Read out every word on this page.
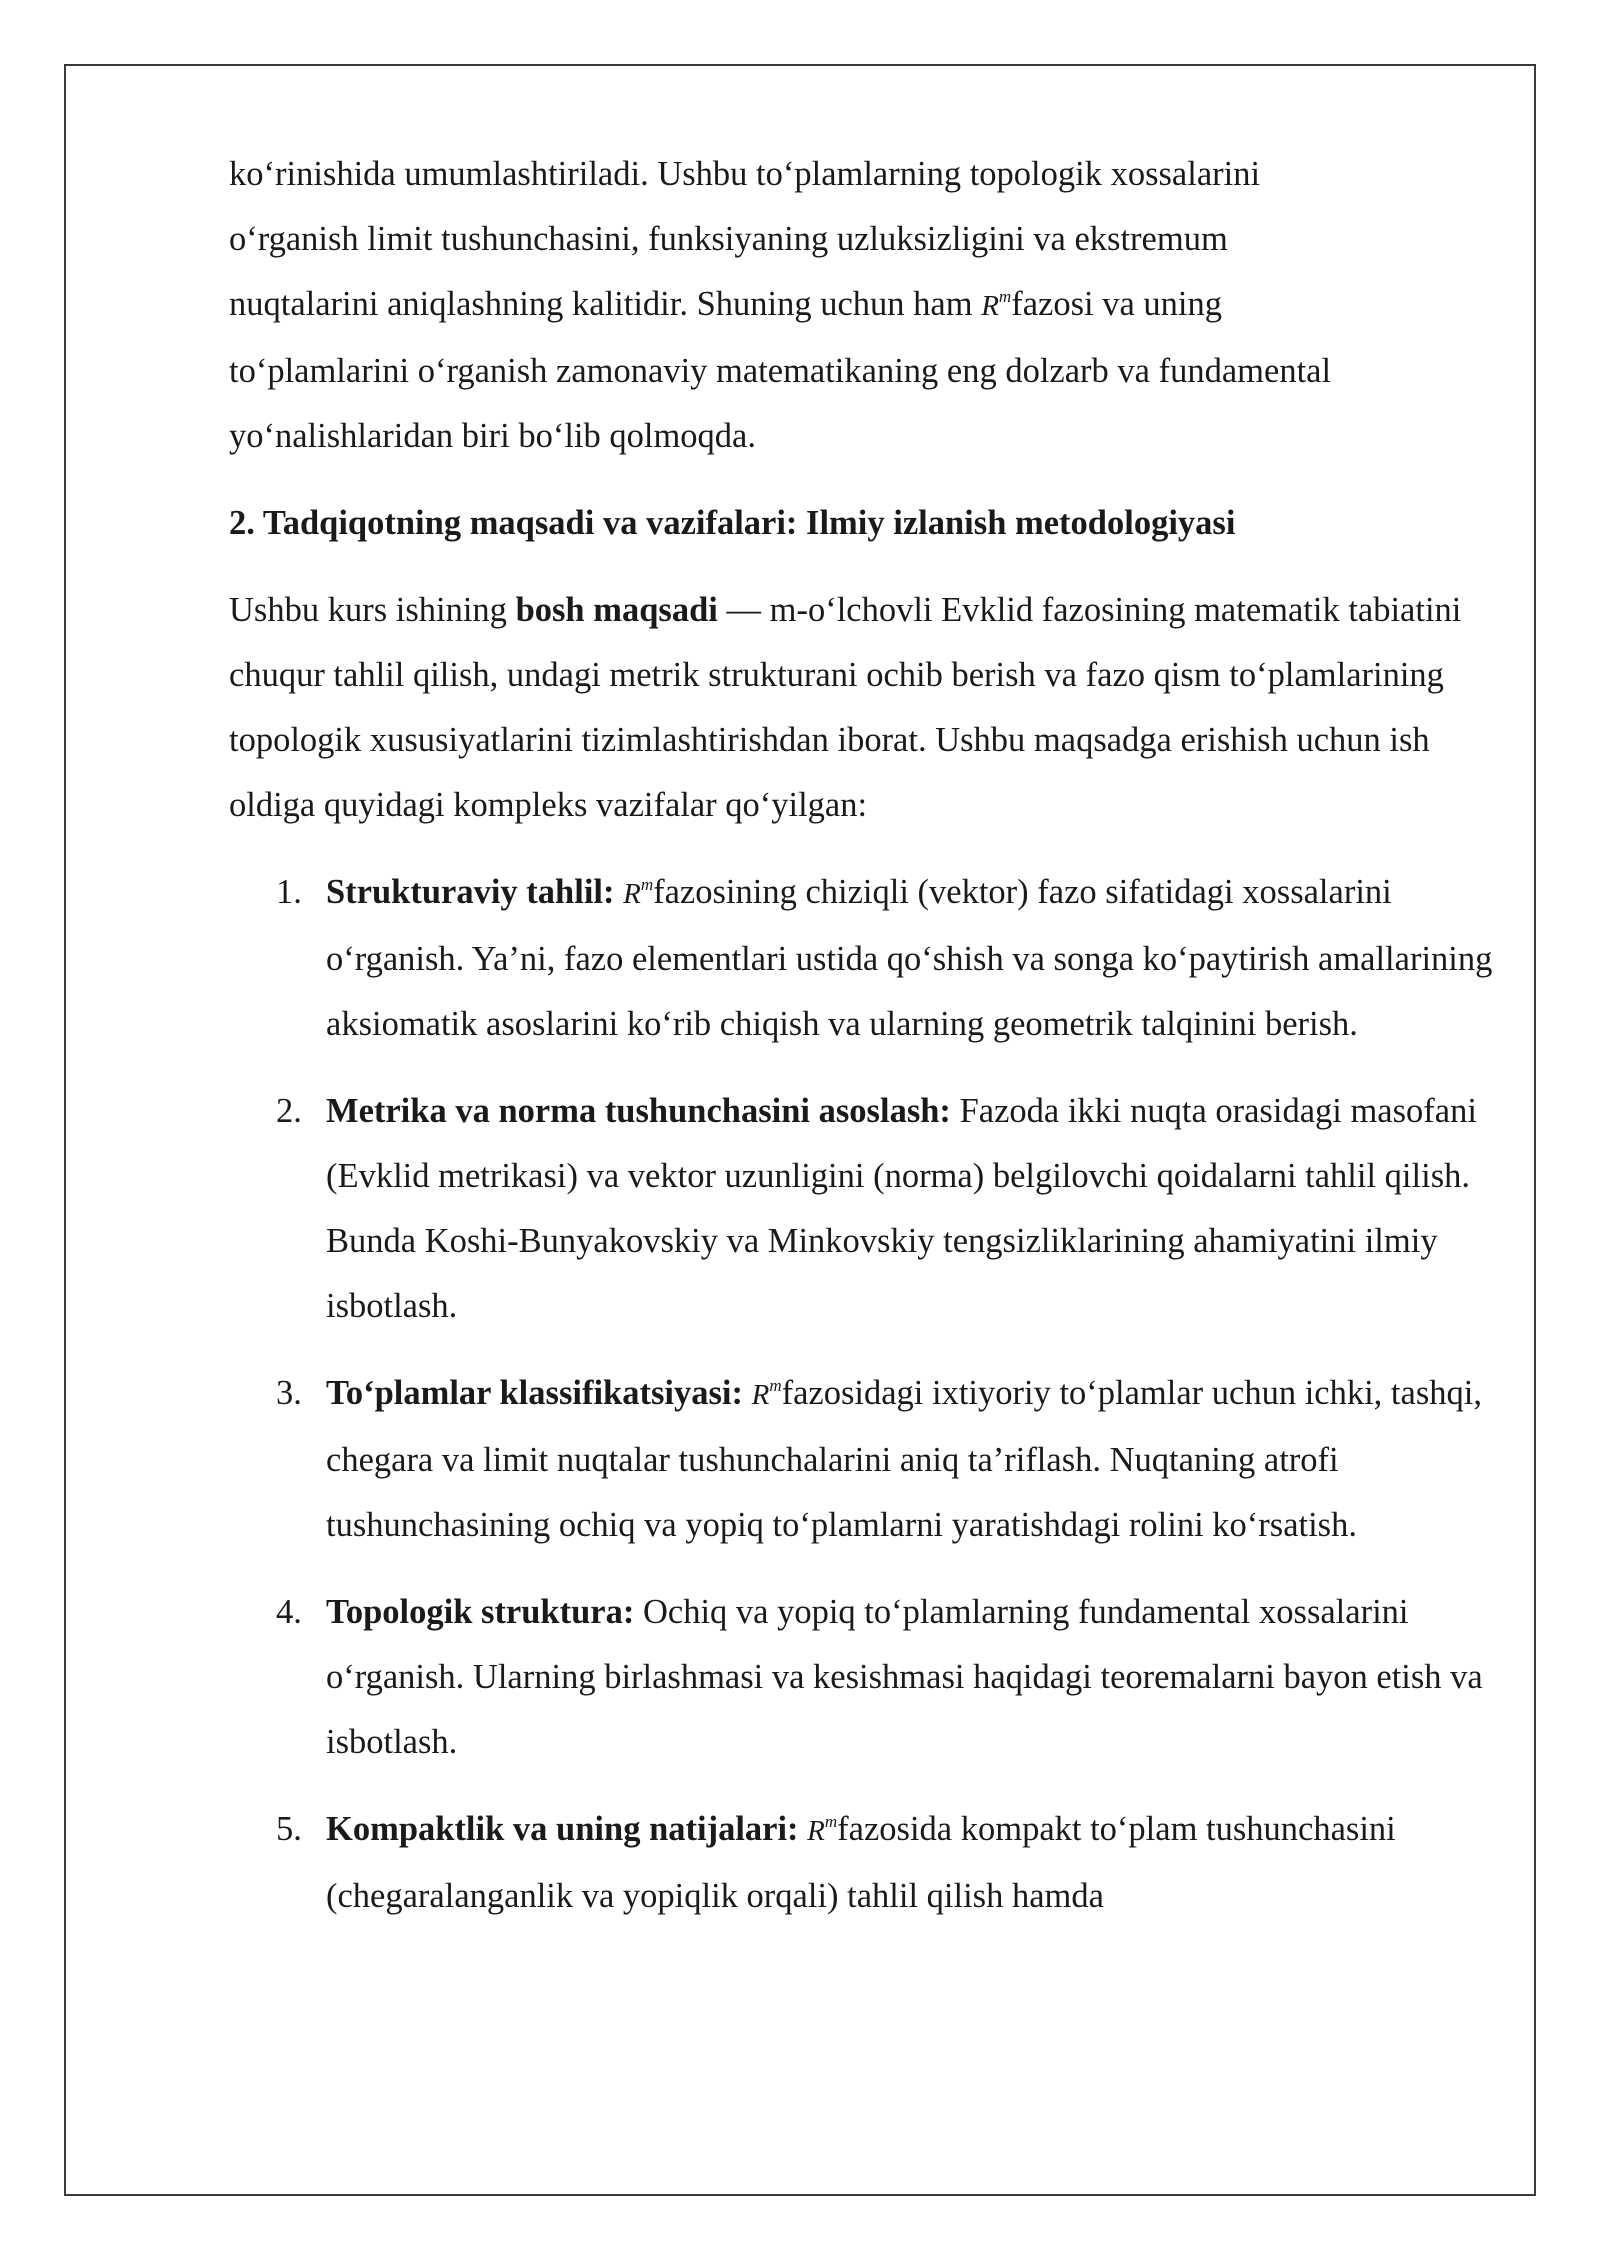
ko‘rinishida umumlashtiriladi. Ushbu to‘plamlarning topologik xossalarini
o‘rganish limit tushunchasini, funksiyaning uzluksizligini va ekstremum
nuqtalarini aniqlashning kalitidir. Shuning uchun ham $R^mfazosi$ va uning
to‘plamlarini o‘rganish zamonaviy matematikaning eng dolzarb va fundamental
yo‘nalishlaridan biri bo‘lib qolmoqda.

2. Tadqiqotning maqsadi va vazifalari: Ilmiy izlanish metodologiyasi

Ushbu kurs ishining bosh maqsadi — m-o‘lchovli Evklid fazosining matematik tabiatini chuqur tahlil qilish, undagi metrik strukturani ochib berish va fazo qism to‘plamlarining topologik xususiyatlarini tizimlashtirishdan iborat. Ushbu maqsadga erishish uchun ish oldiga quyidagi kompleks vazifalar qo‘yilgan:

1. Strukturaviy tahlil: $R^mfazosining$ chiziqli (vektor) fazo sifatidagi xossalarini o‘rganish. Ya’ni, fazo elementlari ustida qo‘shish va songa ko‘paytirish amallarining aksiomatik asoslarini ko‘rib chiqish va ularning geometrik talqinini berish.
2. Metrika va norma tushunchasini asoslash: Fazoda ikki nuqta orasidagi masofani (Evklid metrikasi) va vektor uzunligini (norma) belgilovchi qoidalarni tahlil qilish. Bunda Koshi-Bunyakovskiy va Minkovskiy tengsizliklarining ahamiyatini ilmiy isbotlash.
3. To‘plamlar klassifikatsiyasi: $R^mfazosidagi$ ixtiyoriy to‘plamlar uchun ichki, tashqi, chegara va limit nuqtalar tushunchalarini aniq ta’riflash. Nuqtaning atrofi tushunchasining ochiq va yopiq to‘plamlarni yaratishdagi rolini ko‘rsatish.
4. Topologik struktura: Ochiq va yopiq to‘plamlarning fundamental xossalarini o‘rganish. Ularning birlashmasi va kesishmasi haqidagi teoremalarni bayon etish va isbotlash.
5. Kompaktlik va uning natijalari: $R^mfazosida$ kompakt to‘plam tushunchasini (chegaralanganlik va yopiqlik orqali) tahlil qilish hamda
